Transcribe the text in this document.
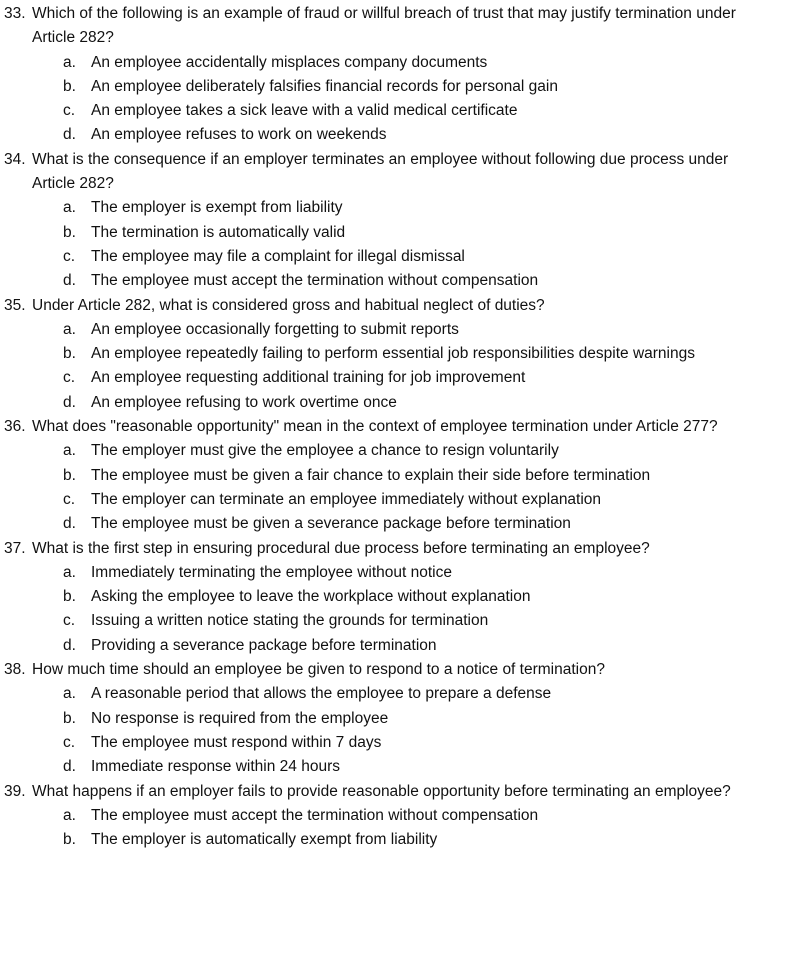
33. Which of the following is an example of fraud or willful breach of trust that may justify termination under Article 282?
a. An employee accidentally misplaces company documents
b. An employee deliberately falsifies financial records for personal gain
c.	An employee takes a sick leave with a valid medical certificate
d. An employee refuses to work on weekends
34. What is the consequence if an employer terminates an employee without following due process under Article 282?
a. The employer is exempt from liability
b. The termination is automatically valid
c.	The employee may file a complaint for illegal dismissal
d. The employee must accept the termination without compensation
35. Under Article 282, what is considered gross and habitual neglect of duties?
a. An employee occasionally forgetting to submit reports
b. An employee repeatedly failing to perform essential job responsibilities despite warnings
c.	An employee requesting additional training for job improvement
d. An employee refusing to work overtime once
36. What does "reasonable opportunity" mean in the context of employee termination under Article 277?
a. The employer must give the employee a chance to resign voluntarily
b. The employee must be given a fair chance to explain their side before termination
c.	The employer can terminate an employee immediately without explanation
d. The employee must be given a severance package before termination
37. What is the first step in ensuring procedural due process before terminating an employee?
a. Immediately terminating the employee without notice
b. Asking the employee to leave the workplace without explanation
c.	Issuing a written notice stating the grounds for termination
d. Providing a severance package before termination
38. How much time should an employee be given to respond to a notice of termination?
a. A reasonable period that allows the employee to prepare a defense
b. No response is required from the employee
c.	The employee must respond within 7 days
d. Immediate response within 24 hours
39. What happens if an employer fails to provide reasonable opportunity before terminating an employee?
a. The employee must accept the termination without compensation
b. The employer is automatically exempt from liability
